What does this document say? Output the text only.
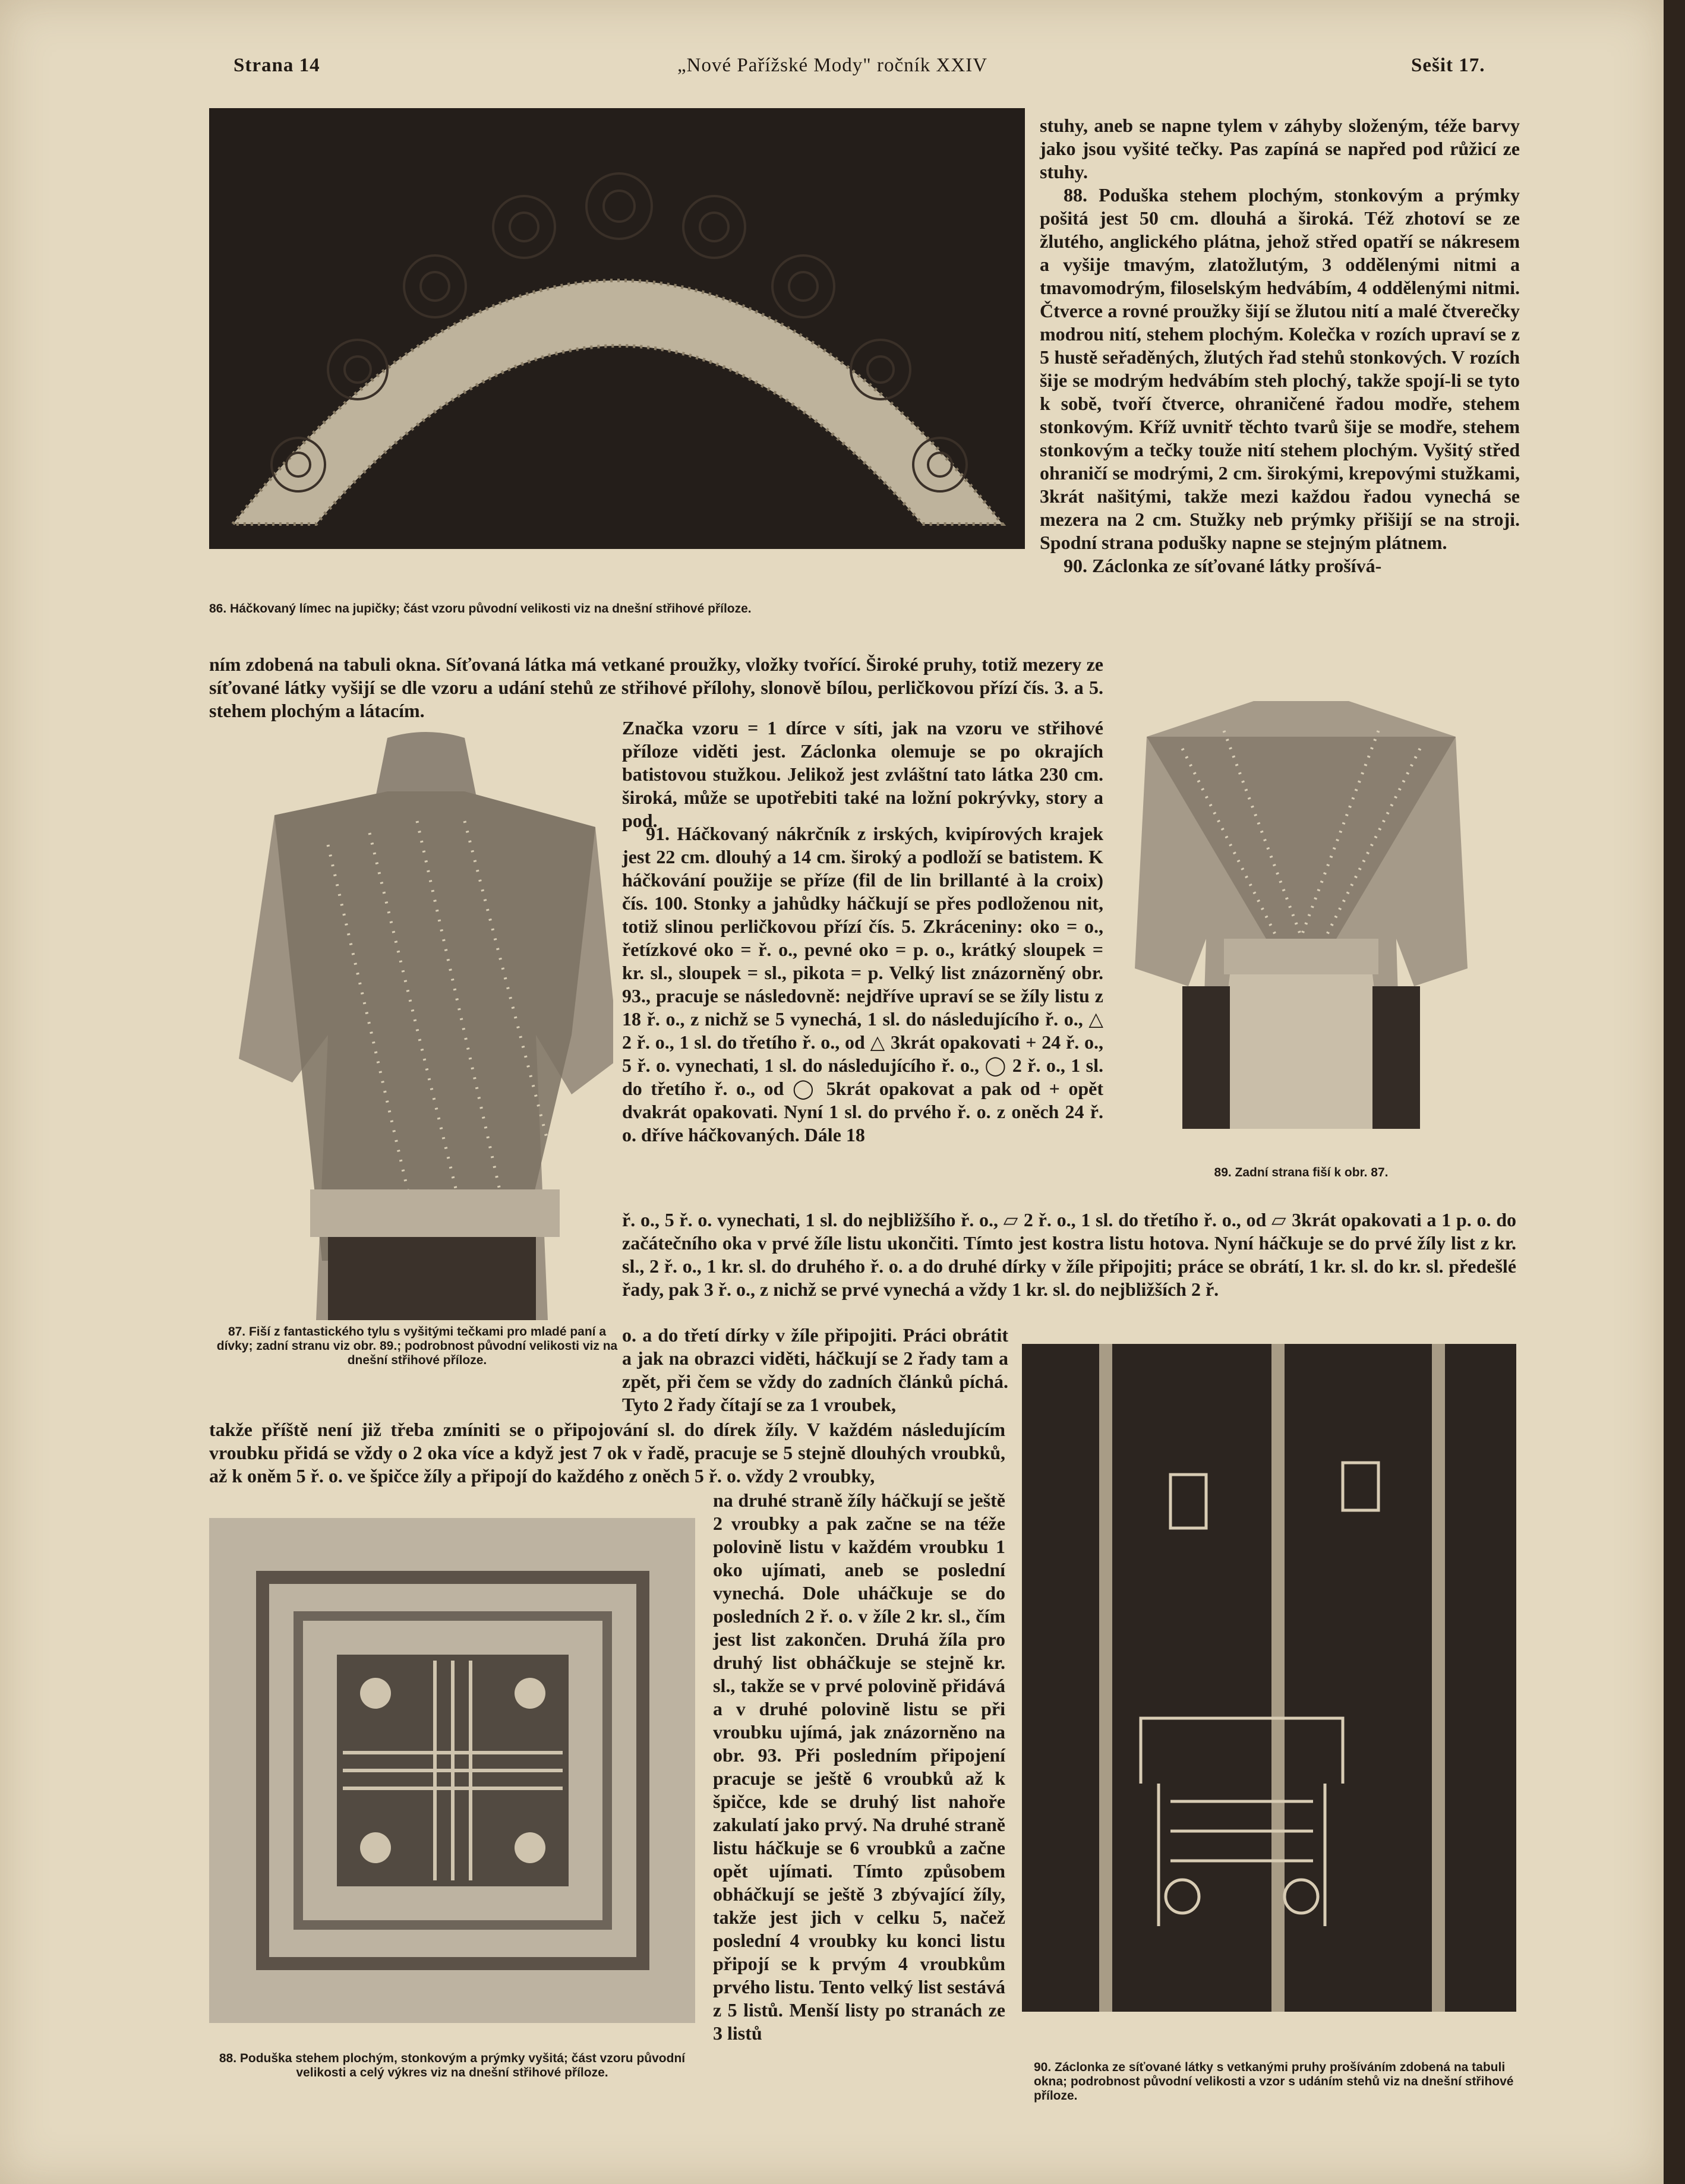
Strana 14	„Nové Pařížské Mody" ročník XXIV	Sešit 17.
86. Háčkovaný límec na jupičky; část vzoru původní velikosti viz na dnešní střihové příloze.

stuhy, aneb se napne tylem v záhyby složeným, téže barvy jako jsou vyšité tečky. Pas zapíná se napřed pod růžicí ze stuhy.

88. Poduška stehem plochým, stonkovým a prýmky pošitá jest 50 cm. dlouhá a široká. Též zhotoví se ze žlutého, anglického plátna, jehož střed opatří se nákresem a vyšije tmavým, zlatožlutým, 3 oddělenými nitmi a tmavomodrým, filoselským hedvábím, 4 oddělenými nitmi. Čtverce a rovné proužky šijí se žlutou nití a malé čtverečky modrou nití, stehem plochým. Kolečka v rozích upraví se z 5 hustě seřaděných, žlutých řad stehů stonkových. V rozích šije se modrým hedvábím steh plochý, takže spojí-li se tyto k sobě, tvoří čtverce, ohraničené řadou modře, stehem stonkovým. Kříž uvnitř těchto tvarů šije se modře, stehem stonkovým a tečky touže nití stehem plochým. Vyšitý střed ohraničí se modrými, 2 cm. širokými, krepovými stužkami, 3krát našitými, takže mezi každou řadou vynechá se mezera na 2 cm. Stužky neb prýmky přišijí se na stroji. Spodní strana podušky napne se stejným plátnem.

90. Záclonka ze síťované látky prošívá-

ním zdobená na tabuli okna. Síťovaná látka má vetkané proužky, vložky tvořící. Široké pruhy, totiž mezery ze síťované látky vyšijí se dle vzoru a udání stehů ze střihové přílohy, slonově bílou, perličkovou přízí čís. 3. a 5. stehem plochým a látacím.
87. Fiší z fantastického tylu s vyšitými tečkami pro mladé paní a dívky; zadní stranu viz obr. 89.; podrobnost původní velikosti viz na dnešní střihové příloze.
Značka vzoru = 1 dírce v síti, jak na vzoru ve střihové příloze viděti jest. Záclonka olemuje se po okrajích batistovou stužkou. Jelikož jest zvláštní tato látka 230 cm. široká, může se upotřebiti také na ložní pokrývky, story a pod.
91. Háčkovaný nákrčník z irských, kvipírových krajek jest 22 cm. dlouhý a 14 cm. široký a podloží se batistem. K háčkování použije se příze (fil de lin brillanté à la croix) čís. 100. Stonky a jahůdky háčkují se přes podloženou nit, totiž slinou perličkovou přízí čís. 5. Zkráceniny: oko = o., řetízkové oko = ř. o., pevné oko = p. o., krátký sloupek = kr. sl., sloupek = sl., pikota = p. Velký list znázorněný obr. 93., pracuje se následovně: nejdříve upraví se se žíly listu z 18 ř. o., z nichž se 5 vynechá, 1 sl. do následujícího ř. o., △ 2 ř. o., 1 sl. do třetího ř. o., od △ 3krát opakovati + 24 ř. o., 5 ř. o. vynechati, 1 sl. do následujícího ř. o., ◯ 2 ř. o., 1 sl. do třetího ř. o., od ◯ 5krát opakovat a pak od + opět dvakrát opakovati. Nyní 1 sl. do prvého ř. o. z oněch 24 ř. o. dříve háčkovaných. Dále 18
89. Zadní strana fiší k obr. 87.
ř. o., 5 ř. o. vynechati, 1 sl. do nejbližšího ř. o., ▱ 2 ř. o., 1 sl. do třetího ř. o., od ▱ 3krát opakovati a 1 p. o. do začátečního oka v prvé žíle listu ukončiti. Tímto jest kostra listu hotova. Nyní háčkuje se do prvé žíly list z kr. sl., 2 ř. o., 1 kr. sl. do druhého ř. o. a do druhé dírky v žíle připojiti; práce se obrátí, 1 kr. sl. do kr. sl. předešlé řady, pak 3 ř. o., z nichž se prvé vynechá a vždy 1 kr. sl. do nejbližších 2 ř.
o. a do třetí dírky v žíle připojiti. Práci obrátit a jak na obrazci viděti, háčkují se 2 řady tam a zpět, při čem se vždy do zadních článků píchá. Tyto 2 řady čítají se za 1 vroubek,
takže příště není již třeba zmíniti se o připojování sl. do dírek žíly. V každém následujícím vroubku přidá se vždy o 2 oka více a když jest 7 ok v řadě, pracuje se 5 stejně dlouhých vroubků, až k oněm 5 ř. o. ve špičce žíly a připojí do každého z oněch 5 ř. o. vždy 2 vroubky,
88. Poduška stehem plochým, stonkovým a prýmky vyšitá; část vzoru původní velikosti a celý výkres viz na dnešní střihové příloze.
na druhé straně žíly háčkují se ještě 2 vroubky a pak začne se na téže polovině listu v každém vroubku 1 oko ujímati, aneb se poslední vynechá. Dole uháčkuje se do posledních 2 ř. o. v žíle 2 kr. sl., čím jest list zakončen. Druhá žíla pro druhý list obháčkuje se stejně kr. sl., takže se v prvé polovině přidává a v druhé polovině listu se při vroubku ujímá, jak znázorněno na obr. 93. Při posledním připojení pracuje se ještě 6 vroubků až k špičce, kde se druhý list nahoře zakulatí jako prvý. Na druhé straně listu háčkuje se 6 vroubků a začne opět ujímati. Tímto způsobem obháčkují se ještě 3 zbývající žíly, takže jest jich v celku 5, načež poslední 4 vroubky ku konci listu připojí se k prvým 4 vroubkům prvého listu. Tento velký list sestává z 5 listů. Menší listy po stranách ze 3 listů
90. Záclonka ze síťované látky s vetkanými pruhy prošíváním zdobená na tabuli okna; podrobnost původní velikosti a vzor s udáním stehů viz na dnešní střihové příloze.
